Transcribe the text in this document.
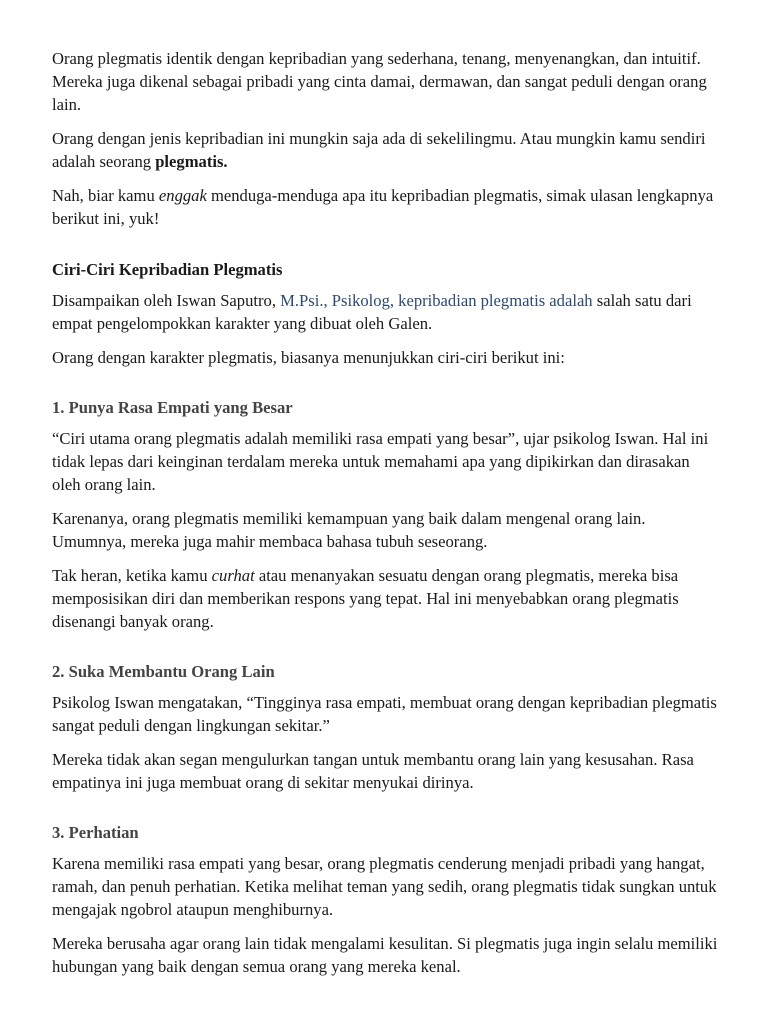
Orang plegmatis identik dengan kepribadian yang sederhana, tenang, menyenangkan, dan intuitif. Mereka juga dikenal sebagai pribadi yang cinta damai, dermawan, dan sangat peduli dengan orang lain.

Orang dengan jenis kepribadian ini mungkin saja ada di sekelilingmu. Atau mungkin kamu sendiri adalah seorang plegmatis.

Nah, biar kamu enggak menduga-menduga apa itu kepribadian plegmatis, simak ulasan lengkapnya berikut ini, yuk!

Ciri-Ciri Kepribadian Plegmatis

Disampaikan oleh Iswan Saputro, M.Psi., Psikolog, kepribadian plegmatis adalah salah satu dari empat pengelompokkan karakter yang dibuat oleh Galen.

Orang dengan karakter plegmatis, biasanya menunjukkan ciri-ciri berikut ini:

1. Punya Rasa Empati yang Besar

“Ciri utama orang plegmatis adalah memiliki rasa empati yang besar”, ujar psikolog Iswan. Hal ini tidak lepas dari keinginan terdalam mereka untuk memahami apa yang dipikirkan dan dirasakan oleh orang lain.

Karenanya, orang plegmatis memiliki kemampuan yang baik dalam mengenal orang lain. Umumnya, mereka juga mahir membaca bahasa tubuh seseorang.

Tak heran, ketika kamu curhat atau menanyakan sesuatu dengan orang plegmatis, mereka bisa memposisikan diri dan memberikan respons yang tepat. Hal ini menyebabkan orang plegmatis disenangi banyak orang.

2. Suka Membantu Orang Lain

Psikolog Iswan mengatakan, “Tingginya rasa empati, membuat orang dengan kepribadian plegmatis sangat peduli dengan lingkungan sekitar.”

Mereka tidak akan segan mengulurkan tangan untuk membantu orang lain yang kesusahan. Rasa empatinya ini juga membuat orang di sekitar menyukai dirinya.

3. Perhatian

Karena memiliki rasa empati yang besar, orang plegmatis cenderung menjadi pribadi yang hangat, ramah, dan penuh perhatian. Ketika melihat teman yang sedih, orang plegmatis tidak sungkan untuk mengajak ngobrol ataupun menghiburnya.

Mereka berusaha agar orang lain tidak mengalami kesulitan. Si plegmatis juga ingin selalu memiliki hubungan yang baik dengan semua orang yang mereka kenal.
